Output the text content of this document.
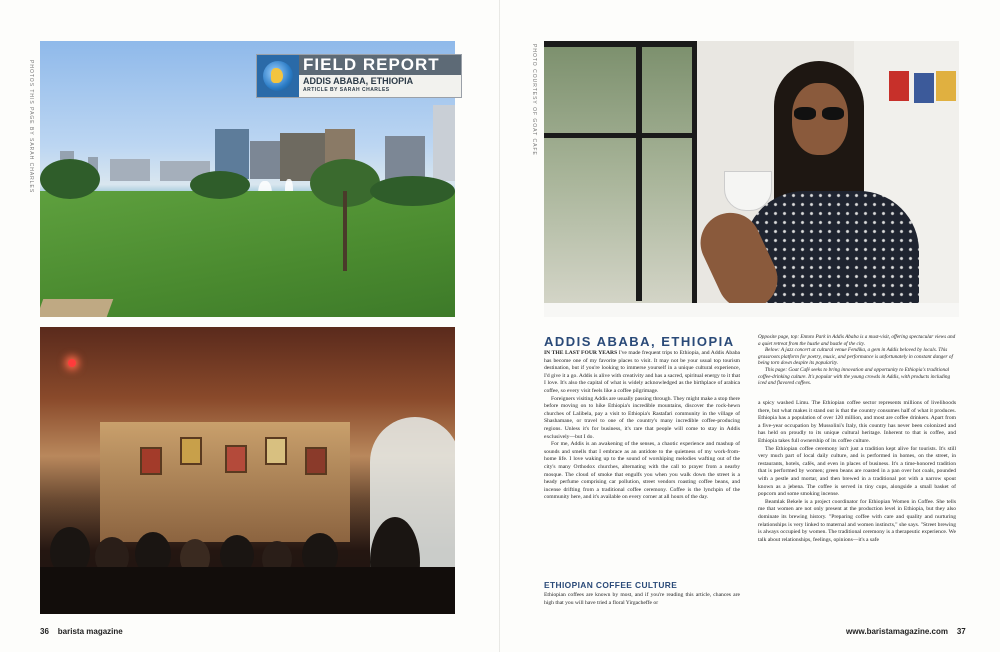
PHOTOS THIS PAGE BY SARAH CHARLES	FIELD REPORT
ADDIS ABABA, ETHIOPIA
ARTICLE BY SARAH CHARLES
36 barista magazine
PHOTO COURTESY OF GOAT CAFE
ADDIS ABABA, ETHIOPIA

IN THE LAST FOUR YEARS I've made frequent trips to Ethiopia, and Addis Ababa has become one of my favorite places to visit. It may not be your usual top tourism destination, but if you're looking to immerse yourself in a unique cultural experience, I'd give it a go. Addis is alive with creativity and has a sacred, spiritual energy to it that I love. It's also the capital of what is widely acknowledged as the birthplace of arabica coffee, so every visit feels like a coffee pilgrimage.

Foreigners visiting Addis are usually passing through. They might make a stop there before moving on to hike Ethiopia's incredible mountains, discover the rock-hewn churches of Lalibela, pay a visit to Ethiopia's Rastafari community in the village of Shashamane, or travel to one of the country's many incredible coffee-producing regions. Unless it's for business, it's rare that people will come to stay in Addis exclusively—but I do.

For me, Addis is an awakening of the senses, a chaotic experience and mashup of sounds and smells that I embrace as an antidote to the quietness of my work-from-home life. I love waking up to the sound of worshiping melodies wafting out of the city's many Orthodox churches, alternating with the call to prayer from a nearby mosque. The cloud of smoke that engulfs you when you walk down the street is a heady perfume comprising car pollution, street vendors roasting coffee beans, and incense drifting from a traditional coffee ceremony. Coffee is the lynchpin of the community here, and it's available on every corner at all hours of the day.

ETHIOPIAN COFFEE CULTURE

Ethiopian coffees are known by most, and if you're reading this article, chances are high that you will have tried a floral Yirgacheffe or

Opposite page, top: Entoto Park in Addis Ababa is a must-visit, offering spectacular views and a quiet retreat from the hustle and bustle of the city.
Below: A jazz concert at cultural venue Fendika, a gem in Addis beloved by locals. This grassroots platform for poetry, music, and performance is unfortunately in constant danger of being torn down despite its popularity.
This page: Goat Café seeks to bring innovation and opportunity to Ethiopia's traditional coffee-drinking culture. It's popular with the young crowds in Addis, with products including iced and flavored coffees.

a spicy washed Limu. The Ethiopian coffee sector represents millions of livelihoods there, but what makes it stand out is that the country consumes half of what it produces. Ethiopia has a population of over 120 million, and most are coffee drinkers. Apart from a five-year occupation by Mussolini's Italy, this country has never been colonized and has held on proudly to its unique cultural heritage. Inherent to that is coffee, and Ethiopia takes full ownership of its coffee culture.

The Ethiopian coffee ceremony isn't just a tradition kept alive for tourists. It's still very much part of local daily culture, and is performed in homes, on the street, in restaurants, hotels, cafés, and even in places of business. It's a time-honored tradition that is performed by women; green beans are roasted in a pan over hot coals, pounded with a pestle and mortar, and then brewed in a traditional pot with a narrow spout known as a jebena. The coffee is served in tiny cups, alongside a small basket of popcorn and some smoking incense.

Beamlak Bekele is a project coordinator for Ethiopian Women in Coffee. She tells me that women are not only present at the production level in Ethiopia, but they also dominate its brewing history. "Preparing coffee with care and quality and nurturing relationships is very linked to maternal and women instincts," she says. "Street brewing is always occupied by women. The traditional ceremony is a therapeutic experience. We talk about relationships, feelings, opinions—it's a safe

www.baristamagazine.com 37
